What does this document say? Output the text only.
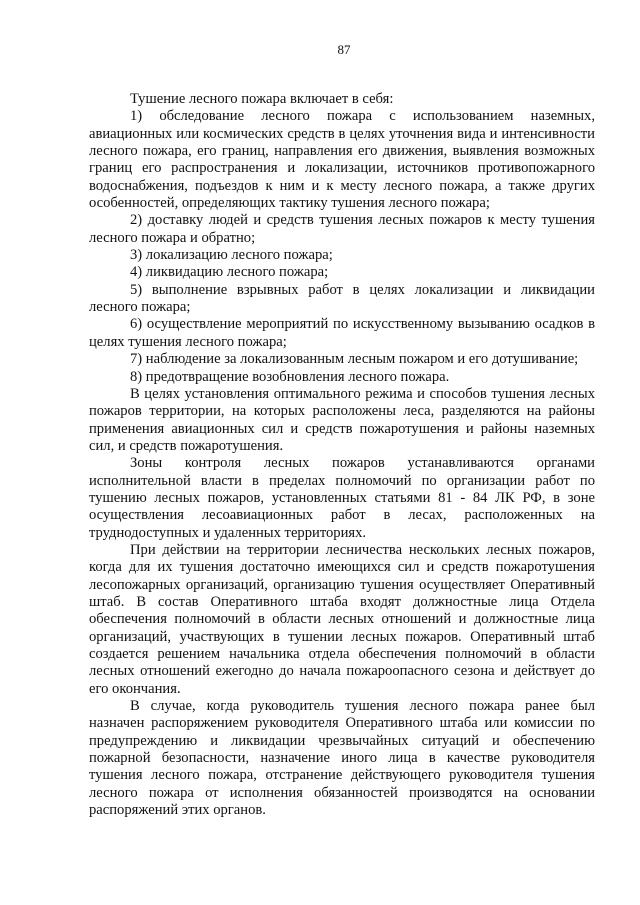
87

Тушение лесного пожара включает в себя:

1) обследование лесного пожара с использованием наземных, авиационных или космических средств в целях уточнения вида и интенсивности лесного пожара, его границ, направления его движения, выявления возможных границ его распространения и локализации, источников противопожарного водоснабжения, подъездов к ним и к месту лесного пожара, а также других особенностей, определяющих тактику тушения лесного пожара;

2) доставку людей и средств тушения лесных пожаров к месту тушения лесного пожара и обратно;

3) локализацию лесного пожара;

4) ликвидацию лесного пожара;

5) выполнение взрывных работ в целях локализации и ликвидации лесного пожара;

6) осуществление мероприятий по искусственному вызыванию осадков в целях тушения лесного пожара;

7) наблюдение за локализованным лесным пожаром и его дотушивание;

8) предотвращение возобновления лесного пожара.

В целях установления оптимального режима и способов тушения лесных пожаров территории, на которых расположены леса, разделяются на районы применения авиационных сил и средств пожаротушения и районы наземных сил, и средств пожаротушения.

Зоны контроля лесных пожаров устанавливаются органами исполнительной власти в пределах полномочий по организации работ по тушению лесных пожаров, установленных статьями 81 - 84 ЛК РФ, в зоне осуществления лесоавиационных работ в лесах, расположенных на труднодоступных и удаленных территориях.

При действии на территории лесничества нескольких лесных пожаров, когда для их тушения достаточно имеющихся сил и средств пожаротушения лесопожарных организаций, организацию тушения осуществляет Оперативный штаб. В состав Оперативного штаба входят должностные лица Отдела обеспечения полномочий в области лесных отношений и должностные лица организаций, участвующих в тушении лесных пожаров. Оперативный штаб создается решением начальника отдела обеспечения полномочий в области лесных отношений ежегодно до начала пожароопасного сезона и действует до его окончания.

В случае, когда руководитель тушения лесного пожара ранее был назначен распоряжением руководителя Оперативного штаба или комиссии по предупреждению и ликвидации чрезвычайных ситуаций и обеспечению пожарной безопасности, назначение иного лица в качестве руководителя тушения лесного пожара, отстранение действующего руководителя тушения лесного пожара от исполнения обязанностей производятся на основании распоряжений этих органов.
